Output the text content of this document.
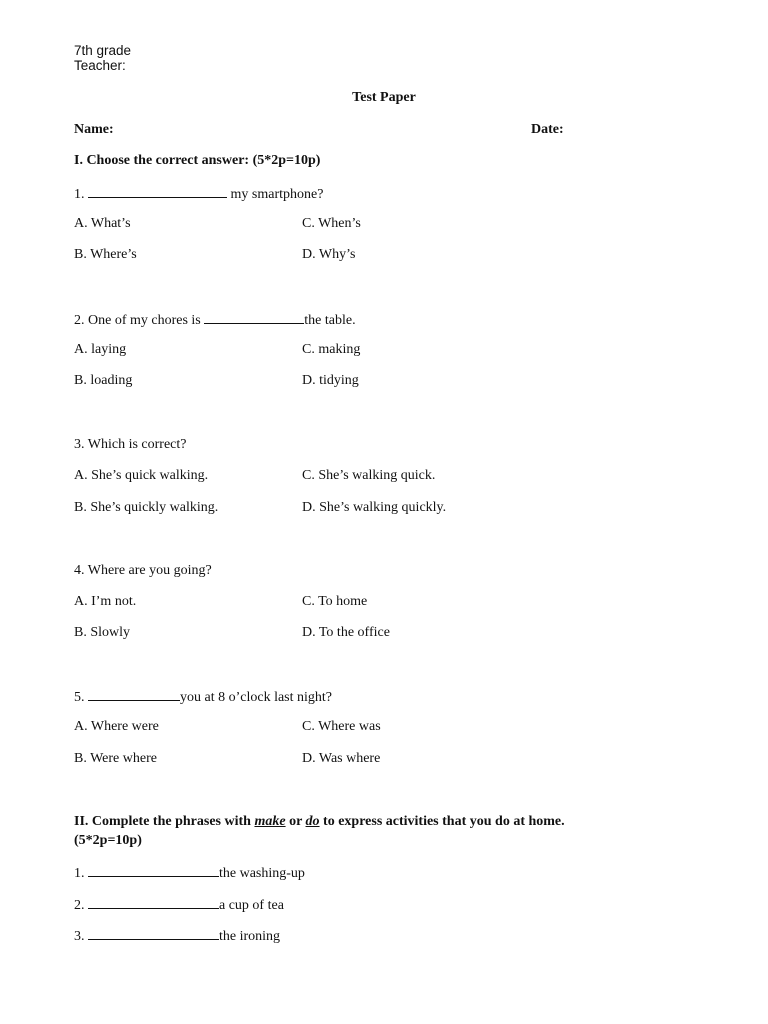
7th grade
Teacher:
Test Paper
Name:	Date:
I. Choose the correct answer: (5*2p=10p)
1.	my smartphone?
A. What’s	C. When’s
B. Where’s	D. Why’s
2. One of my chores is	the table.
A. laying	C. making
B. loading	D. tidying
3. Which is correct?
A. She’s quick walking.	C. She’s walking quick.
B. She’s quickly walking.	D. She’s walking quickly.
4. Where are you going?
A. I’m not.	C. To home
B. Slowly	D. To the office
5.	you at 8 o’clock last night?
A. Where were	C. Where was
B. Were where	D. Was where
II. Complete the phrases with make or do to express activities that you do at home.
(5*2p=10p)
1.	the washing-up
2.	a cup of tea
3.	the ironing
